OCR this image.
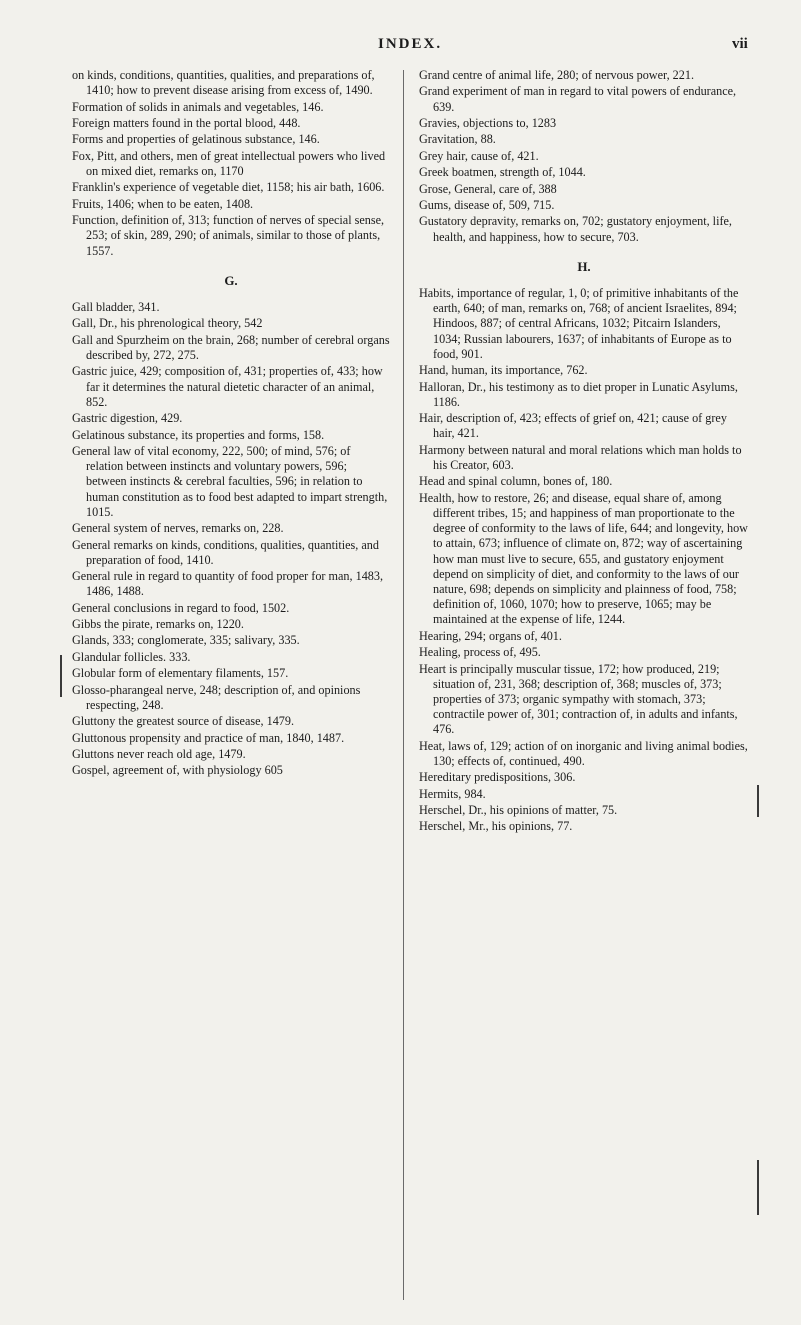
INDEX.	vii

on kinds, conditions, quantities, qualities, and preparations of, 1410; how to prevent disease arising from excess of, 1490.

Formation of solids in animals and vegetables, 146.

Foreign matters found in the portal blood, 448.

Forms and properties of gelatinous substance, 146.

Fox, Pitt, and others, men of great intellectual powers who lived on mixed diet, remarks on, 1170

Franklin's experience of vegetable diet, 1158; his air bath, 1606.

Fruits, 1406; when to be eaten, 1408.

Function, definition of, 313; function of nerves of special sense, 253; of skin, 289, 290; of animals, similar to those of plants, 1557.

G.

Gall bladder, 341.

Gall, Dr., his phrenological theory, 542

Gall and Spurzheim on the brain, 268; number of cerebral organs described by, 272, 275.

Gastric juice, 429; composition of, 431; properties of, 433; how far it determines the natural dietetic character of an animal, 852.

Gastric digestion, 429.

Gelatinous substance, its properties and forms, 158.

General law of vital economy, 222, 500; of mind, 576; of relation between instincts and voluntary powers, 596; between instincts & cerebral faculties, 596; in relation to human constitution as to food best adapted to impart strength, 1015.

General system of nerves, remarks on, 228.

General remarks on kinds, conditions, qualities, quantities, and preparation of food, 1410.

General rule in regard to quantity of food proper for man, 1483, 1486, 1488.

General conclusions in regard to food, 1502.

Gibbs the pirate, remarks on, 1220.

Glands, 333; conglomerate, 335; salivary, 335.

Glandular follicles. 333.

Globular form of elementary filaments, 157.

Glosso-pharangeal nerve, 248; description of, and opinions respecting, 248.

Gluttony the greatest source of disease, 1479.

Gluttonous propensity and practice of man, 1840, 1487.

Gluttons never reach old age, 1479.

Gospel, agreement of, with physiology 605

Grand centre of animal life, 280; of nervous power, 221.

Grand experiment of man in regard to vital powers of endurance, 639.

Gravies, objections to, 1283

Gravitation, 88.

Grey hair, cause of, 421.

Greek boatmen, strength of, 1044.

Grose, General, care of, 388

Gums, disease of, 509, 715.

Gustatory depravity, remarks on, 702; gustatory enjoyment, life, health, and happiness, how to secure, 703.

H.

Habits, importance of regular, 1, 0; of primitive inhabitants of the earth, 640; of man, remarks on, 768; of ancient Israelites, 894; Hindoos, 887; of central Africans, 1032; Pitcairn Islanders, 1034; Russian labourers, 1637; of inhabitants of Europe as to food, 901.

Hand, human, its importance, 762.

Halloran, Dr., his testimony as to diet proper in Lunatic Asylums, 1186.

Hair, description of, 423; effects of grief on, 421; cause of grey hair, 421.

Harmony between natural and moral relations which man holds to his Creator, 603.

Head and spinal column, bones of, 180.

Health, how to restore, 26; and disease, equal share of, among different tribes, 15; and happiness of man proportionate to the degree of conformity to the laws of life, 644; and longevity, how to attain, 673; influence of climate on, 872; way of ascertaining how man must live to secure, 655, and gustatory enjoyment depend on simplicity of diet, and conformity to the laws of our nature, 698; depends on simplicity and plainness of food, 758; definition of, 1060, 1070; how to preserve, 1065; may be maintained at the expense of life, 1244.

Hearing, 294; organs of, 401.

Healing, process of, 495.

Heart is principally muscular tissue, 172; how produced, 219; situation of, 231, 368; description of, 368; muscles of, 373; properties of 373; organic sympathy with stomach, 373; contractile power of, 301; contraction of, in adults and infants, 476.

Heat, laws of, 129; action of on inorganic and living animal bodies, 130; effects of, continued, 490.

Hereditary predispositions, 306.

Hermits, 984.

Herschel, Dr., his opinions of matter, 75.

Herschel, Mr., his opinions, 77.
